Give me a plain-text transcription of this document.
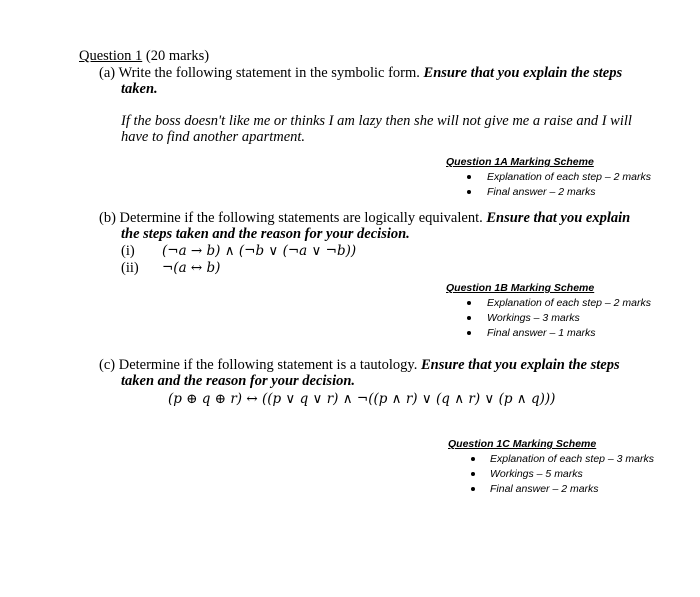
Question 1 (20 marks)
(a) Write the following statement in the symbolic form. Ensure that you explain the steps
taken.
If the boss doesn't like me or thinks I am lazy then she will not give me a raise and I will
have to find another apartment.
Question 1A Marking Scheme
Explanation of each step – 2 marks
Final answer – 2 marks
(b) Determine if the following statements are logically equivalent. Ensure that you explain
the steps taken and the reason for your decision.
(i) (¬a → b) ∧ (¬b ∨ (¬a ∨ ¬b))
(ii) ¬(a ↔ b)
Question 1B Marking Scheme
Explanation of each step – 2 marks
Workings – 3 marks
Final answer – 1 marks
(c) Determine if the following statement is a tautology. Ensure that you explain the steps
taken and the reason for your decision.
(p ⊕ q ⊕ r) ↔ ((p ∨ q ∨ r) ∧ ¬((p ∧ r) ∨ (q ∧ r) ∨ (p ∧ q)))
Question 1C Marking Scheme
Explanation of each step – 3 marks
Workings – 5 marks
Final answer – 2 marks
